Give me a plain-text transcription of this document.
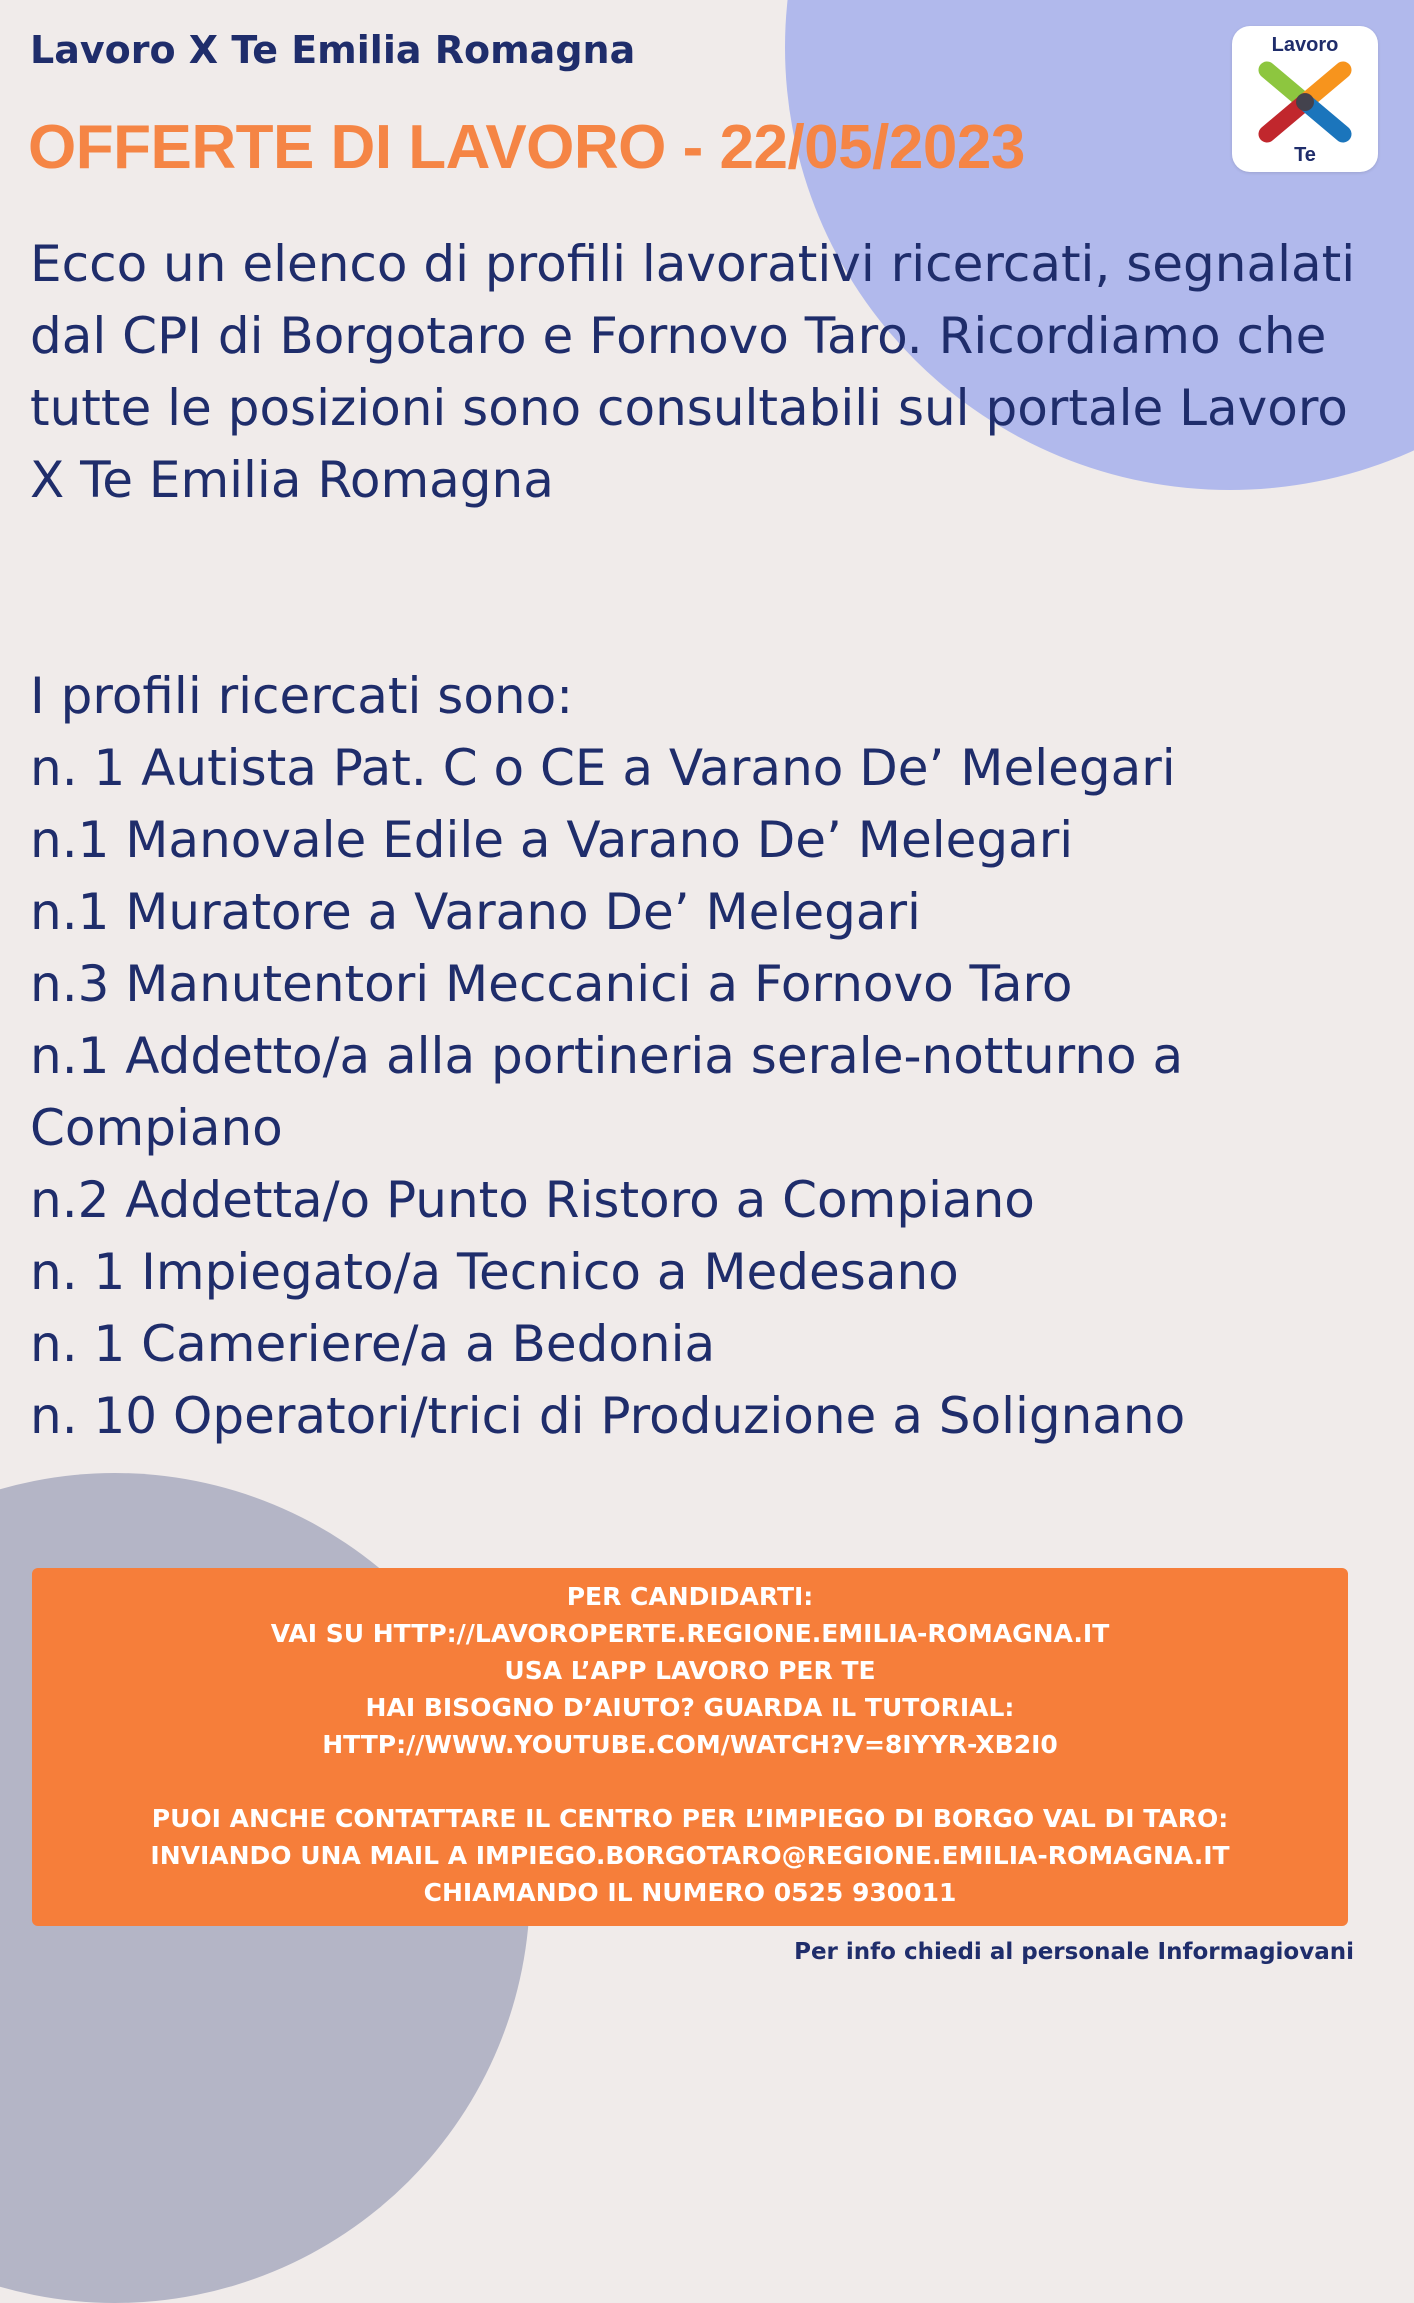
Lavoro X Te Emilia Romagna
OFFERTE DI LAVORO - 22/05/2023
Lavoro
Te

Ecco un elenco di profili lavorativi ricercati, segnalati dal CPI di Borgotaro e Fornovo Taro. Ricordiamo che tutte le posizioni sono consultabili sul portale Lavoro X Te Emilia Romagna

I profili ricercati sono:
n. 1 Autista Pat. C o CE a Varano De’ Melegari
n.1 Manovale Edile a Varano De’ Melegari
n.1 Muratore a Varano De’ Melegari
n.3 Manutentori Meccanici a Fornovo Taro
n.1 Addetto/a alla portineria serale-notturno a Compiano
n.2 Addetta/o Punto Ristoro a Compiano
n. 1 Impiegato/a Tecnico a Medesano
n. 1 Cameriere/a a Bedonia
n. 10 Operatori/trici di Produzione a Solignano
PER CANDIDARTI:
VAI SU HTTP://LAVOROPERTE.REGIONE.EMILIA-ROMAGNA.IT
USA L’APP LAVORO PER TE
HAI BISOGNO D’AIUTO? GUARDA IL TUTORIAL:
HTTP://WWW.YOUTUBE.COM/WATCH?V=8IYYR-XB2I0
PUOI ANCHE CONTATTARE IL CENTRO PER L’IMPIEGO DI BORGO VAL DI TARO:
INVIANDO UNA MAIL A IMPIEGO.BORGOTARO@REGIONE.EMILIA-ROMAGNA.IT
CHIAMANDO IL NUMERO 0525 930011
Per info chiedi al personale Informagiovani
